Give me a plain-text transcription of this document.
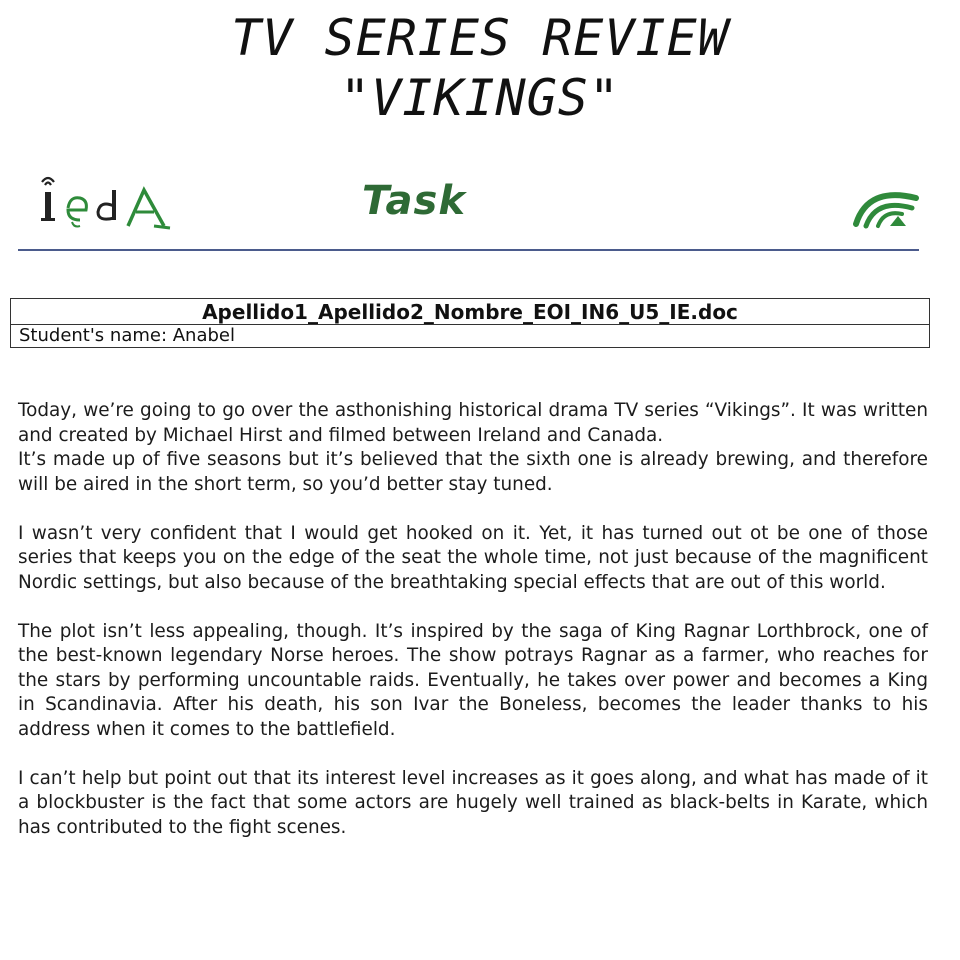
TV SERIES REVIEW
"VIKINGS"
Task
Apellido1_Apellido2_Nombre_EOI_IN6_U5_IE.doc
Student's name: Anabel

Today, we’re going to go over the asthonishing historical drama TV series “Vikings”. It was written and created by Michael Hirst and filmed between Ireland and Canada.
It’s made up of five seasons but it’s believed that the sixth one is already brewing, and therefore will be aired in the short term, so you’d better stay tuned.

I wasn’t very confident that I would get hooked on it. Yet, it has turned out ot be one of those series that keeps you on the edge of the seat the whole time, not just because of the magnificent Nordic settings, but also because of the breathtaking special effects that are out of this world.

The plot isn’t less appealing, though. It’s inspired by the saga of King Ragnar Lorthbrock, one of the best-known legendary Norse heroes. The show potrays Ragnar as a farmer, who reaches for the stars by performing uncountable raids. Eventually, he takes over power and becomes a King in Scandinavia. After his death, his son Ivar the Boneless, becomes the leader thanks to his address when it comes to the battlefield.

I can’t help but point out that its interest level increases as it goes along, and what has made of it a blockbuster is the fact that some actors are hugely well trained as black-belts in Karate, which has contributed to the fight scenes.
